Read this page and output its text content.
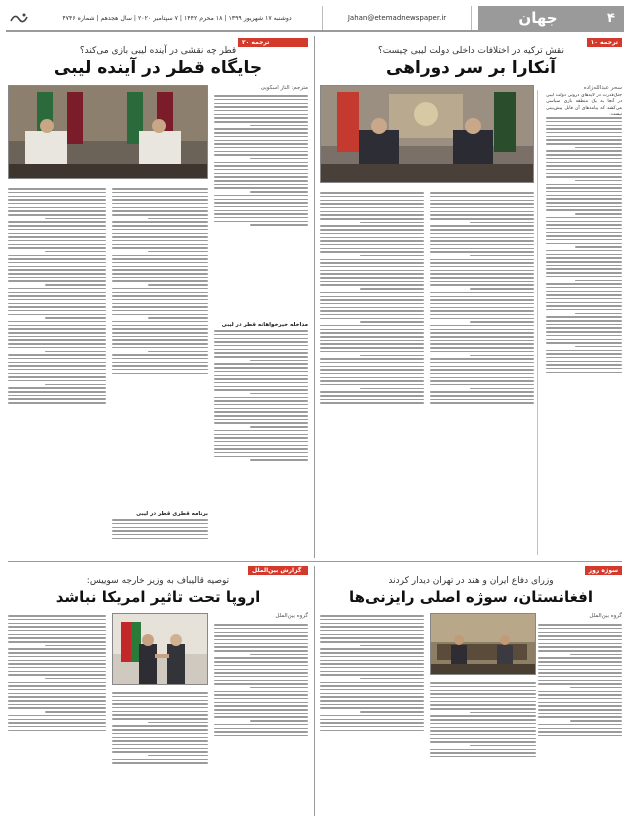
۴
جهان
Jahan@etemadnewspaper.ir
دوشنبه ۱۷ شهریور ۱۳۹۹ | ۱۸ محرم ۱۴۴۲ | ۷ سپتامبر ۲۰۲۰ | سال هجدهم | شماره ۴۷۴۶
ترجمه ۱۰
نقش ترکیه در اختلافات داخلی دولت لیبی چیست؟
آنکارا بر سر دوراهی
سحر عبدالله‌زاده
جنگ‌قدرت در لایه‌های درونی دولت لیبی در آنجا به یک منطقه بازی سیاسی می‌کشد که پیامدهای آن قابل پیش‌بینی نیست.
ترجمه ۲۰
قطر چه نقشی در آینده لیبی بازی می‌کند؟
جایگاه قطر در آینده لیبی
مترجم: الناز اسکویی
مداخله خیرخواهانه قطر در لیبی
برنامه قطری قطر در لیبی
سوژه روز
وزرای دفاع ایران و هند در تهران دیدار کردند
افغانستان، سوژه اصلی رایزنی‌ها
گروه بین‌الملل
گزارش بین‌الملل
توصیه قالیباف به وزیر خارجه سوییس:
اروپا تحت تاثیر امریکا نباشد
گروه بین‌الملل
